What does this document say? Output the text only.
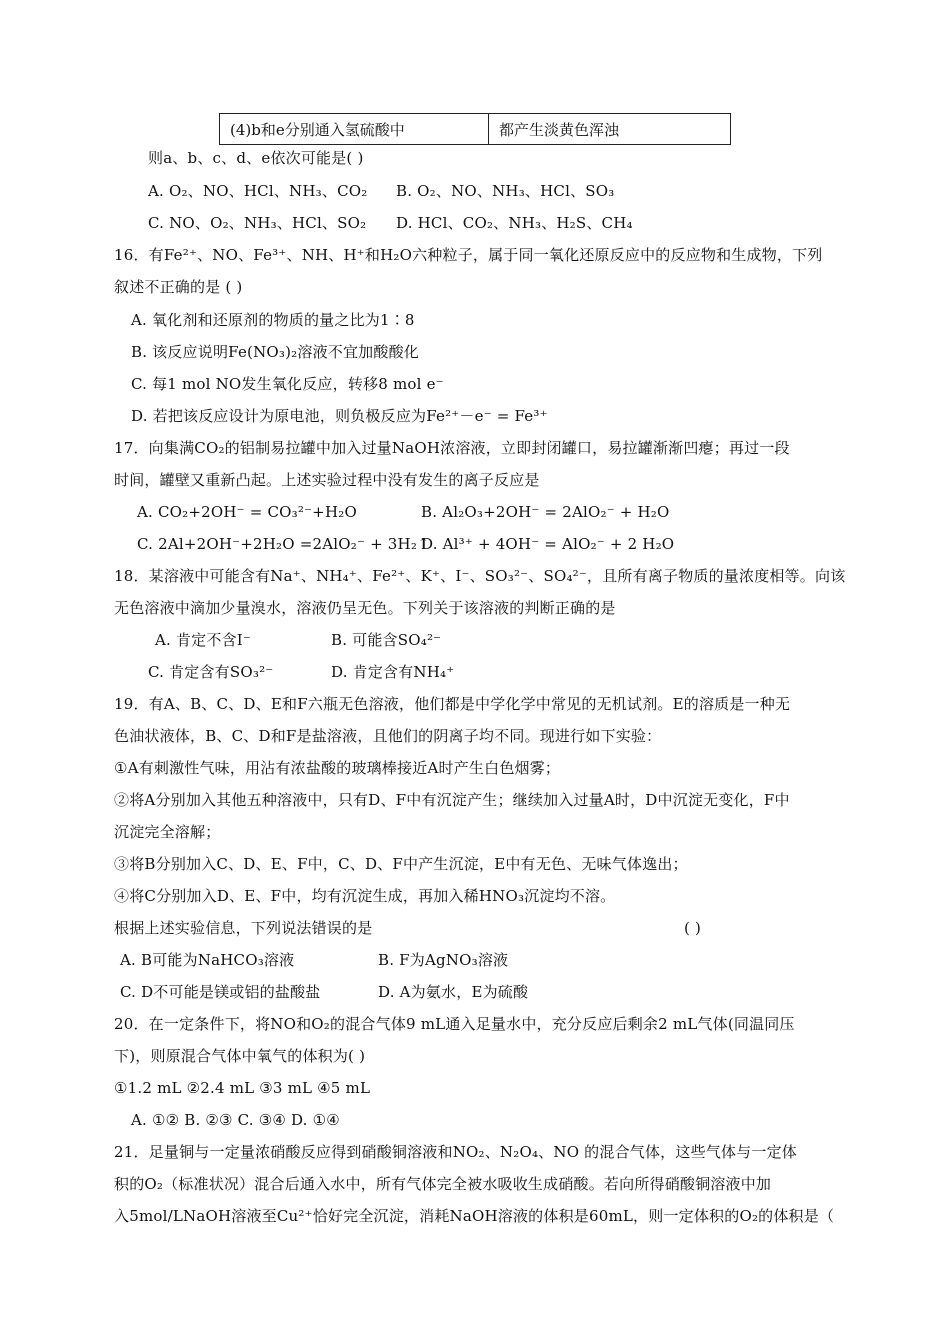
(4)b和e分别通入氢硫酸中	都产生淡黄色浑浊
则a、b、c、d、e依次可能是( )
A. O₂、NO、HCl、NH₃、CO₂ B. O₂、NO、NH₃、HCl、SO₃
C. NO、O₂、NH₃、HCl、SO₂ D. HCl、CO₂、NH₃、H₂S、CH₄
16．有Fe²⁺、NO、Fe³⁺、NH、H⁺和H₂O六种粒子，属于同一氧化还原反应中的反应物和生成物，下列
叙述不正确的是 ( )
A. 氧化剂和还原剂的物质的量之比为1∶8
B. 该反应说明Fe(NO₃)₂溶液不宜加酸酸化
C. 每1 mol NO发生氧化反应，转移8 mol e⁻
D. 若把该反应设计为原电池，则负极反应为Fe²⁺－e⁻ = Fe³⁺
17．向集满CO₂的铝制易拉罐中加入过量NaOH浓溶液，立即封闭罐口，易拉罐渐渐凹瘪；再过一段
时间，罐壁又重新凸起。上述实验过程中没有发生的离子反应是
A. CO₂+2OH⁻ = CO₃²⁻+H₂O	B. Al₂O₃+2OH⁻ = 2AlO₂⁻ + H₂O
C. 2Al+2OH⁻+2H₂O =2AlO₂⁻ + 3H₂↑
D. Al³⁺ + 4OH⁻ = AlO₂⁻ + 2 H₂O
18．某溶液中可能含有Na⁺、NH₄⁺、Fe²⁺、K⁺、I⁻、SO₃²⁻、SO₄²⁻，且所有离子物质的量浓度相等。向该
无色溶液中滴加少量溴水，溶液仍呈无色。下列关于该溶液的判断正确的是
A. 肯定不含I⁻	B. 可能含SO₄²⁻
C. 肯定含有SO₃²⁻	D. 肯定含有NH₄⁺
19．有A、B、C、D、E和F六瓶无色溶液，他们都是中学化学中常见的无机试剂。E的溶质是一种无
色油状液体，B、C、D和F是盐溶液，且他们的阴离子均不同。现进行如下实验：
①A有刺激性气味，用沾有浓盐酸的玻璃棒接近A时产生白色烟雾；
②将A分别加入其他五种溶液中，只有D、F中有沉淀产生；继续加入过量A时，D中沉淀无变化，F中
沉淀完全溶解；
③将B分别加入C、D、E、F中，C、D、F中产生沉淀，E中有无色、无味气体逸出；
④将C分别加入D、E、F中，均有沉淀生成，再加入稀HNO₃沉淀均不溶。
根据上述实验信息，下列说法错误的是	( )
A. B可能为NaHCO₃溶液	B. F为AgNO₃溶液
C. D不可能是镁或铝的盐酸盐	D. A为氨水，E为硫酸
20．在一定条件下，将NO和O₂的混合气体9 mL通入足量水中，充分反应后剩余2 mL气体(同温同压
下)，则原混合气体中氧气的体积为( )
①1.2 mL ②2.4 mL ③3 mL ④5 mL
A. ①② B. ②③ C. ③④ D. ①④
21．足量铜与一定量浓硝酸反应得到硝酸铜溶液和NO₂、N₂O₄、NO 的混合气体，这些气体与一定体
积的O₂（标准状况）混合后通入水中，所有气体完全被水吸收生成硝酸。若向所得硝酸铜溶液中加
入5mol/LNaOH溶液至Cu²⁺恰好完全沉淀，消耗NaOH溶液的体积是60mL，则一定体积的O₂的体积是（
